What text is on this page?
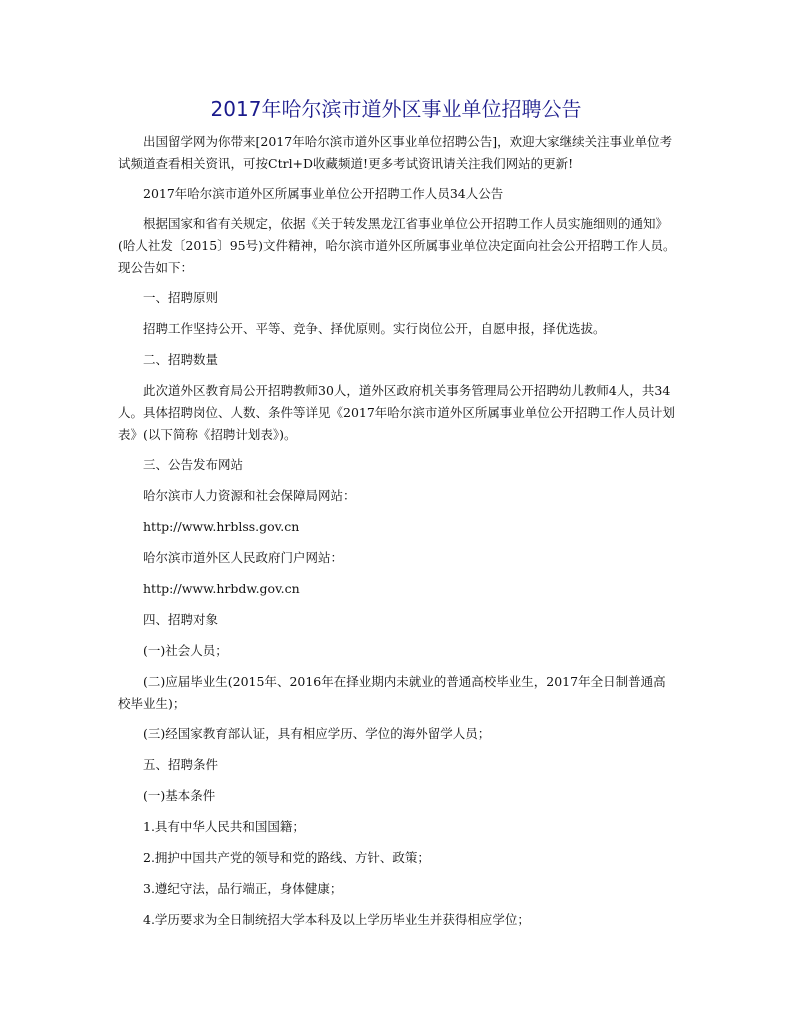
2017年哈尔滨市道外区事业单位招聘公告

出国留学网为你带来[2017年哈尔滨市道外区事业单位招聘公告]，欢迎大家继续关注事业单位考试频道查看相关资讯，可按Ctrl+D收藏频道!更多考试资讯请关注我们网站的更新!

2017年哈尔滨市道外区所属事业单位公开招聘工作人员34人公告

根据国家和省有关规定，依据《关于转发黑龙江省事业单位公开招聘工作人员实施细则的通知》(哈人社发〔2015〕95号)文件精神，哈尔滨市道外区所属事业单位决定面向社会公开招聘工作人员。现公告如下：

一、招聘原则

招聘工作坚持公开、平等、竞争、择优原则。实行岗位公开，自愿申报，择优选拔。

二、招聘数量

此次道外区教育局公开招聘教师30人，道外区政府机关事务管理局公开招聘幼儿教师4人，共34人。具体招聘岗位、人数、条件等详见《2017年哈尔滨市道外区所属事业单位公开招聘工作人员计划表》(以下简称《招聘计划表》)。

三、公告发布网站

哈尔滨市人力资源和社会保障局网站：

http://www.hrblss.gov.cn

哈尔滨市道外区人民政府门户网站：

http://www.hrbdw.gov.cn

四、招聘对象

(一)社会人员；

(二)应届毕业生(2015年、2016年在择业期内未就业的普通高校毕业生，2017年全日制普通高校毕业生)；

(三)经国家教育部认证，具有相应学历、学位的海外留学人员；

五、招聘条件

(一)基本条件

1.具有中华人民共和国国籍；

2.拥护中国共产党的领导和党的路线、方针、政策；

3.遵纪守法，品行端正，身体健康；

4.学历要求为全日制统招大学本科及以上学历毕业生并获得相应学位；
